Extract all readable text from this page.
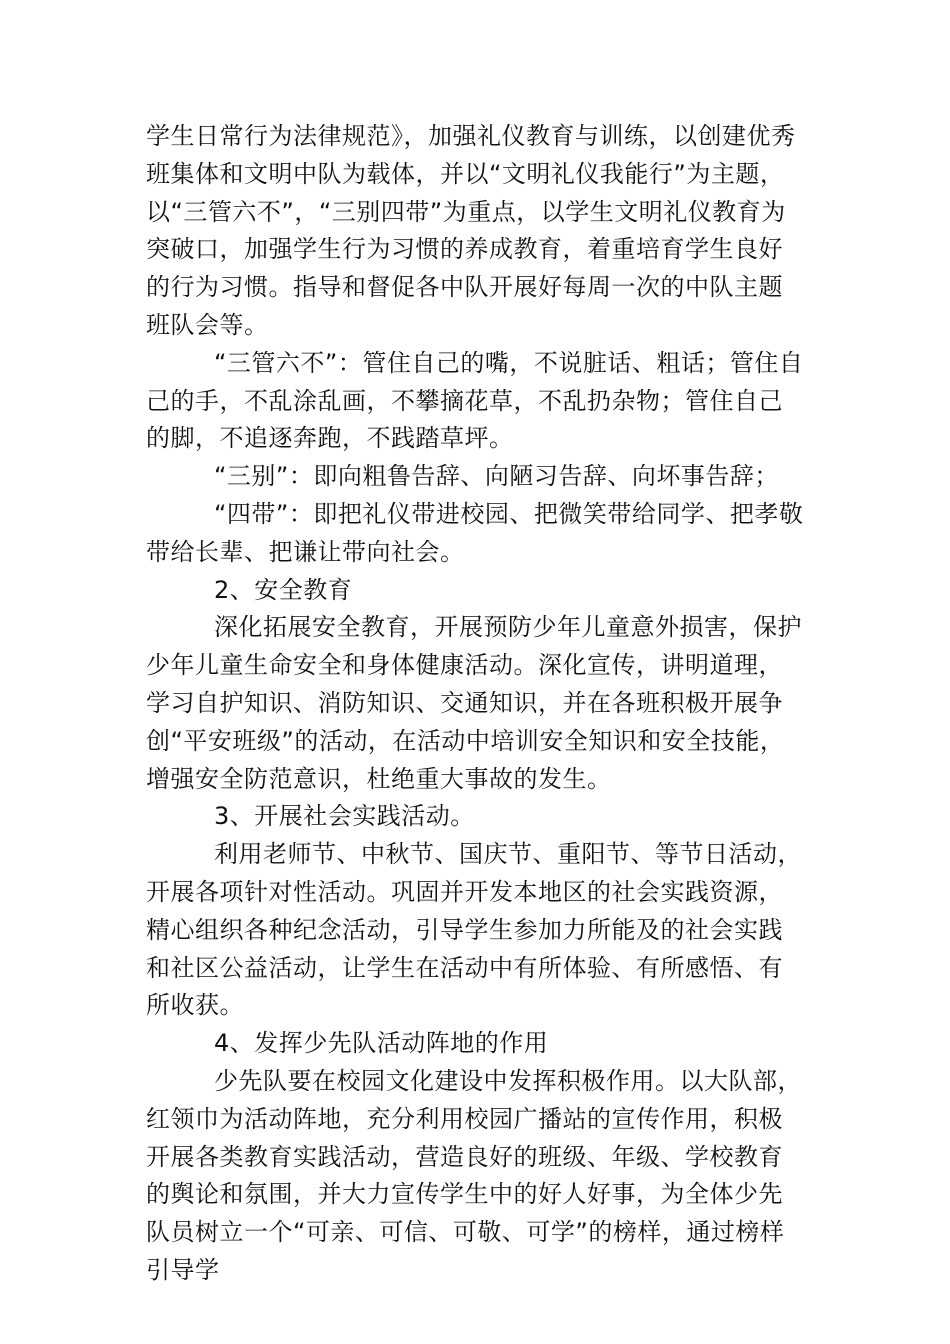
学生日常行为法律规范》，加强礼仪教育与训练，以创建优秀班集体和文明中队为载体，并以“文明礼仪我能行”为主题，以“三管六不”，“三别四带”为重点，以学生文明礼仪教育为突破口，加强学生行为习惯的养成教育，着重培育学生良好的行为习惯。指导和督促各中队开展好每周一次的中队主题班队会等。

“三管六不”：管住自己的嘴，不说脏话、粗话；管住自己的手，不乱涂乱画，不攀摘花草，不乱扔杂物；管住自己的脚，不追逐奔跑，不践踏草坪。

“三别”：即向粗鲁告辞、向陋习告辞、向坏事告辞；

“四带”：即把礼仪带进校园、把微笑带给同学、把孝敬带给长辈、把谦让带向社会。

2、安全教育

深化拓展安全教育，开展预防少年儿童意外损害，保护少年儿童生命安全和身体健康活动。深化宣传，讲明道理，学习自护知识、消防知识、交通知识，并在各班积极开展争创“平安班级”的活动，在活动中培训安全知识和安全技能，增强安全防范意识，杜绝重大事故的发生。

3、开展社会实践活动。

利用老师节、中秋节、国庆节、重阳节、等节日活动，开展各项针对性活动。巩固并开发本地区的社会实践资源，精心组织各种纪念活动，引导学生参加力所能及的社会实践和社区公益活动，让学生在活动中有所体验、有所感悟、有所收获。

4、发挥少先队活动阵地的作用

少先队要在校园文化建设中发挥积极作用。以大队部，红领巾为活动阵地，充分利用校园广播站的宣传作用，积极开展各类教育实践活动，营造良好的班级、年级、学校教育的舆论和氛围，并大力宣传学生中的好人好事，为全体少先队员树立一个“可亲、可信、可敬、可学”的榜样，通过榜样引导学
